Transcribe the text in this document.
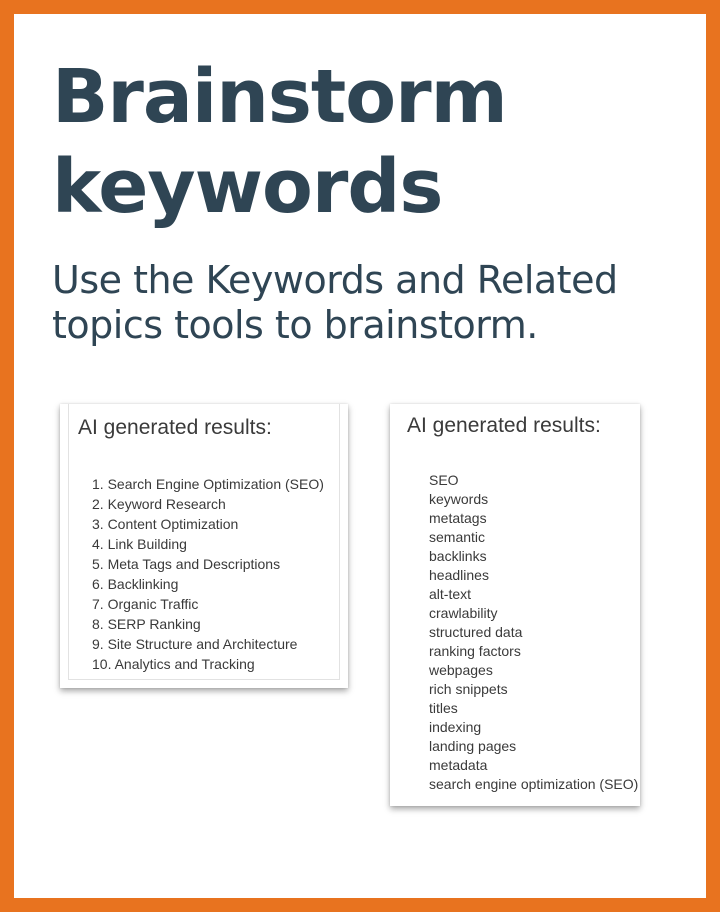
Brainstorm keywords

Use the Keywords and Related topics tools to brainstorm.

AI generated results:
1. Search Engine Optimization (SEO)
2. Keyword Research
3. Content Optimization
4. Link Building
5. Meta Tags and Descriptions
6. Backlinking
7. Organic Traffic
8. SERP Ranking
9. Site Structure and Architecture
10. Analytics and Tracking
AI generated results:
SEO
keywords
metatags
semantic
backlinks
headlines
alt-text
crawlability
structured data
ranking factors
webpages
rich snippets
titles
indexing
landing pages
metadata
search engine optimization (SEO)
